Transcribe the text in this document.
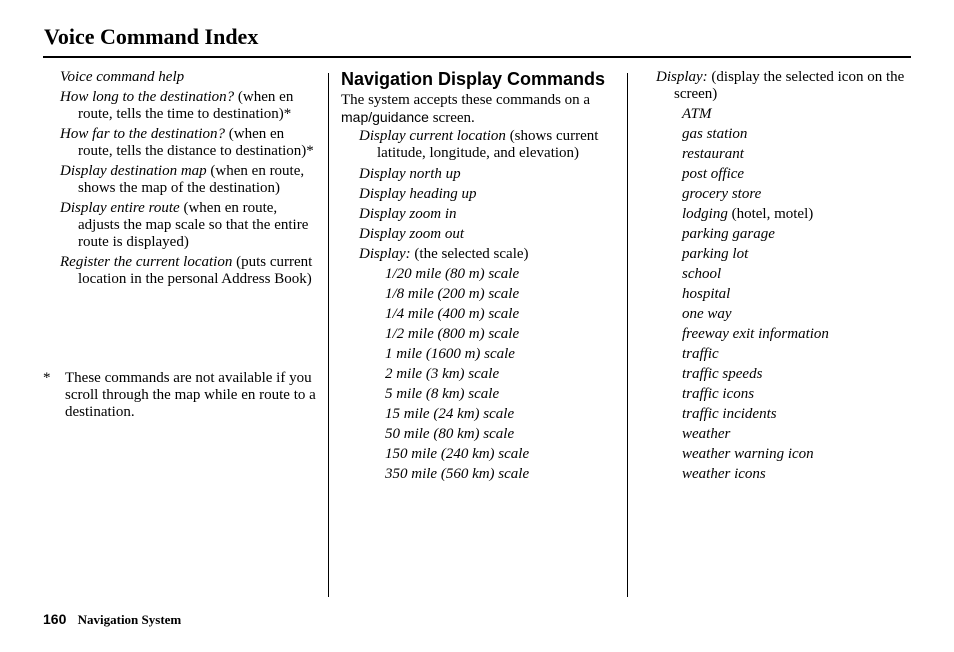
Voice Command Index

Voice command help

How long to the destination? (when en route, tells the time to destination)*

How far to the destination? (when en route, tells the distance to destination)*

Display destination map (when en route, shows the map of the destination)

Display entire route (when en route, adjusts the map scale so that the entire route is displayed)

Register the current location (puts current location in the personal Address Book)

* These commands are not available if you scroll through the map while en route to a destination.
Navigation Display Commands

The system accepts these commands on a map/guidance screen.

Display current location (shows current latitude, longitude, and elevation)

Display north up

Display heading up

Display zoom in

Display zoom out

Display: (the selected scale)

1/20 mile (80 m) scale

1/8 mile (200 m) scale

1/4 mile (400 m) scale

1/2 mile (800 m) scale

1 mile (1600 m) scale

2 mile (3 km) scale

5 mile (8 km) scale

15 mile (24 km) scale

50 mile (80 km) scale

150 mile (240 km) scale

350 mile (560 km) scale

Display: (display the selected icon on the screen)

ATM

gas station

restaurant

post office

grocery store

lodging (hotel, motel)

parking garage

parking lot

school

hospital

one way

freeway exit information

traffic

traffic speeds

traffic icons

traffic incidents

weather

weather warning icon

weather icons

160 Navigation System
